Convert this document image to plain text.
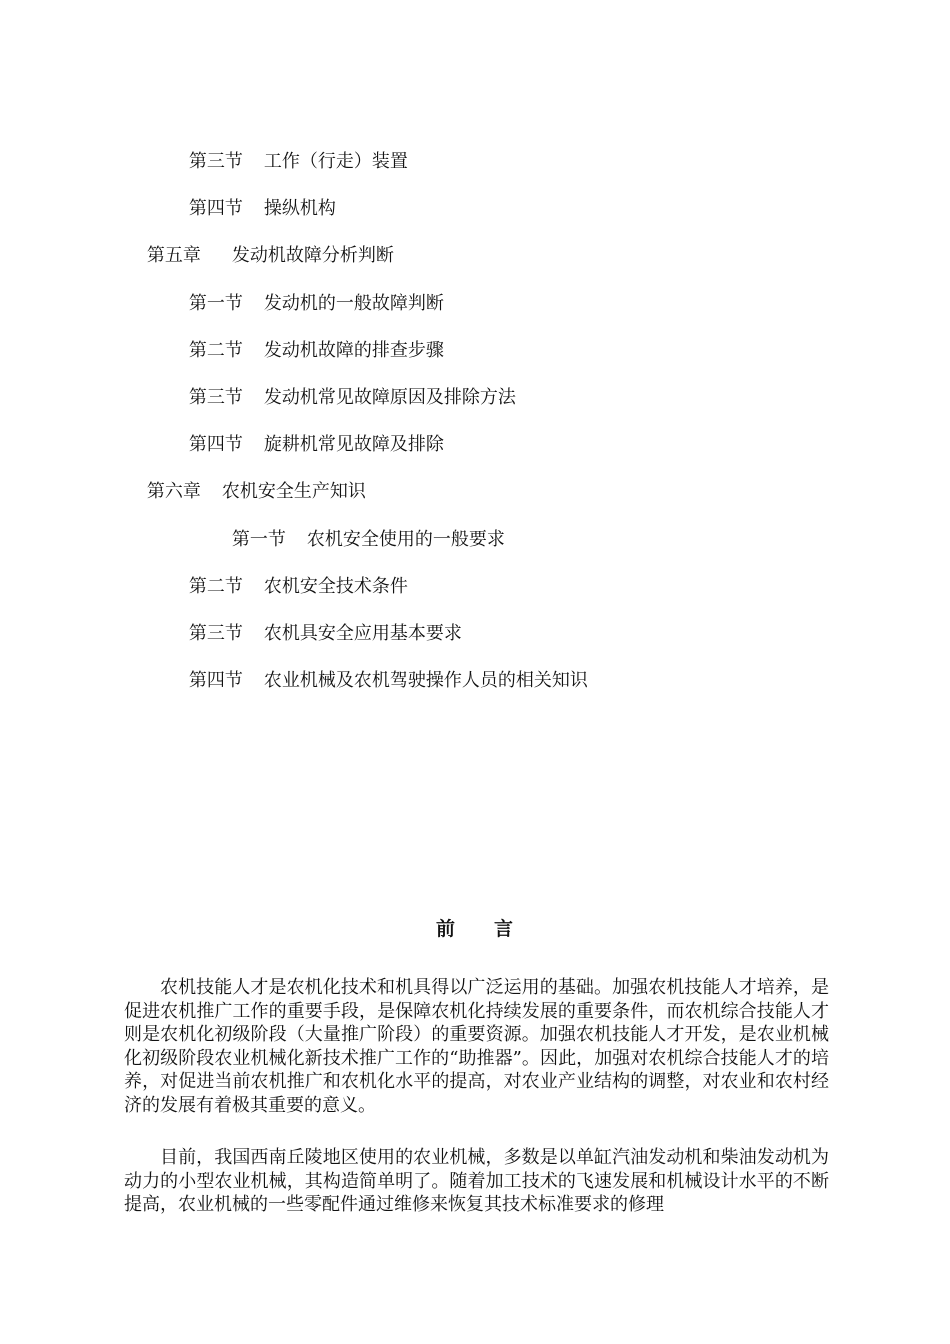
第三节 工作（行走）装置

第四节 操纵机构

第五章 发动机故障分析判断

第一节 发动机的一般故障判断

第二节 发动机故障的排查步骤

第三节 发动机常见故障原因及排除方法

第四节 旋耕机常见故障及排除

第六章 农机安全生产知识

第一节 农机安全使用的一般要求

第二节 农机安全技术条件

第三节 农机具安全应用基本要求

第四节 农业机械及农机驾驶操作人员的相关知识

前 言

农机技能人才是农机化技术和机具得以广泛运用的基础。加强农机技能人才培养，是促进农机推广工作的重要手段，是保障农机化持续发展的重要条件，而农机综合技能人才则是农机化初级阶段（大量推广阶段）的重要资源。加强农机技能人才开发，是农业机械化初级阶段农业机械化新技术推广工作的“助推器”。因此，加强对农机综合技能人才的培养，对促进当前农机推广和农机化水平的提高，对农业产业结构的调整，对农业和农村经济的发展有着极其重要的意义。

目前，我国西南丘陵地区使用的农业机械，多数是以单缸汽油发动机和柴油发动机为动力的小型农业机械，其构造简单明了。随着加工技术的飞速发展和机械设计水平的不断提高，农业机械的一些零配件通过维修来恢复其技术标准要求的修理
